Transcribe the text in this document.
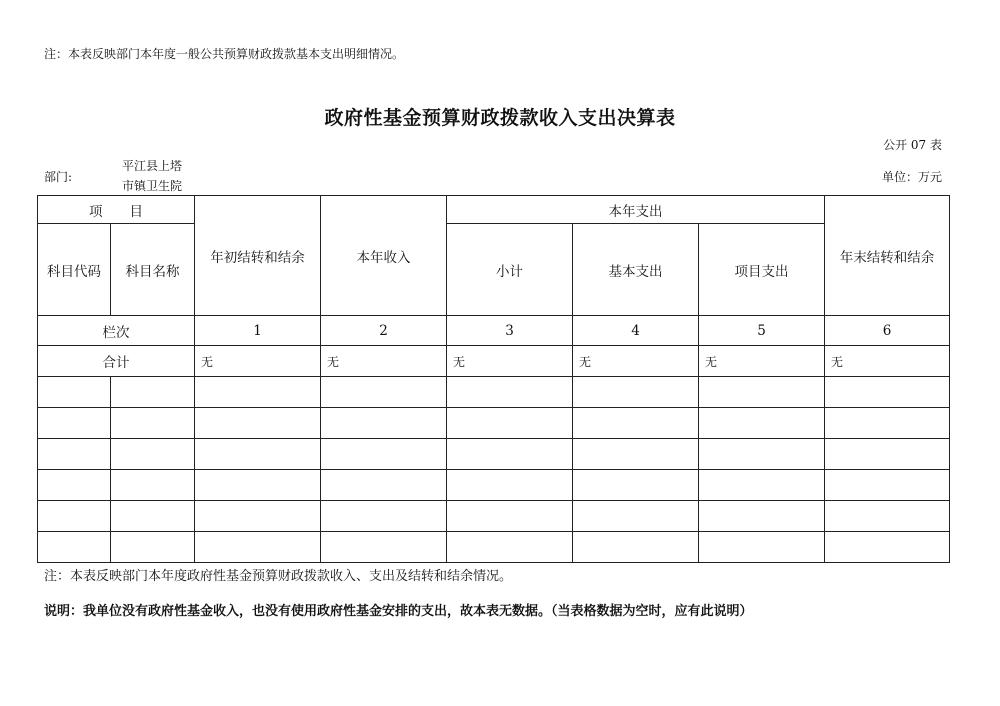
注：本表反映部门本年度一般公共预算财政拨款基本支出明细情况。
政府性基金预算财政拨款收入支出决算表
公开 07 表
部门:
平江县上塔市镇卫生院
单位：万元
项　　目		年初结转和结余	本年收入	本年支出			年末结转和结余
科目代码	科目名称			小计	基本支出	项目支出	
栏次		1	2	3	4	5	6
合计		无	无	无	无	无	无

注：本表反映部门本年度政府性基金预算财政拨款收入、支出及结转和结余情况。
说明：我单位没有政府性基金收入，也没有使用政府性基金安排的支出，故本表无数据。（当表格数据为空时，应有此说明）
